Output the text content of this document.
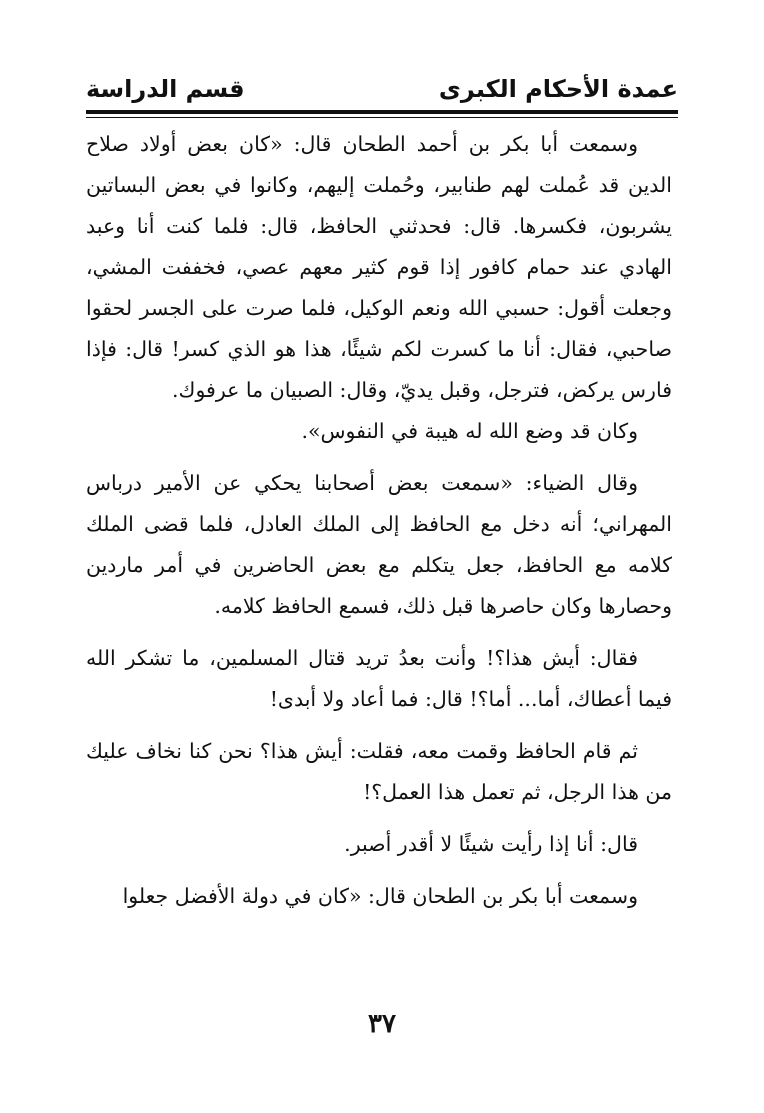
عمدة الأحكام الكبرى
قسم الدراسة

وسمعت أبا بكر بن أحمد الطحان قال: «كان بعض أولاد صلاح الدين قد عُملت لهم طنابير، وحُملت إليهم، وكانوا في بعض البساتين يشربون، فكسرها. قال: فحدثني الحافظ، قال: فلما كنت أنا وعبد الهادي عند حمام كافور إذا قوم كثير معهم عصي، فخففت المشي، وجعلت أقول: حسبي الله ونعم الوكيل، فلما صرت على الجسر لحقوا صاحبي، فقال: أنا ما كسرت لكم شيئًا، هذا هو الذي كسر! قال: فإذا فارس يركض، فترجل، وقبل يديّ، وقال: الصبيان ما عرفوك.

وكان قد وضع الله له هيبة في النفوس».

وقال الضياء: «سمعت بعض أصحابنا يحكي عن الأمير درباس المهراني؛ أنه دخل مع الحافظ إلى الملك العادل، فلما قضى الملك كلامه مع الحافظ، جعل يتكلم مع بعض الحاضرين في أمر ماردين وحصارها وكان حاصرها قبل ذلك، فسمع الحافظ كلامه.

فقال: أيش هذا؟! وأنت بعدُ تريد قتال المسلمين، ما تشكر الله فيما أعطاك، أما... أما؟! قال: فما أعاد ولا أبدى!

ثم قام الحافظ وقمت معه، فقلت: أيش هذا؟ نحن كنا نخاف عليك من هذا الرجل، ثم تعمل هذا العمل؟!

قال: أنا إذا رأيت شيئًا لا أقدر أصبر.

وسمعت أبا بكر بن الطحان قال: «كان في دولة الأفضل جعلوا

٣٧
